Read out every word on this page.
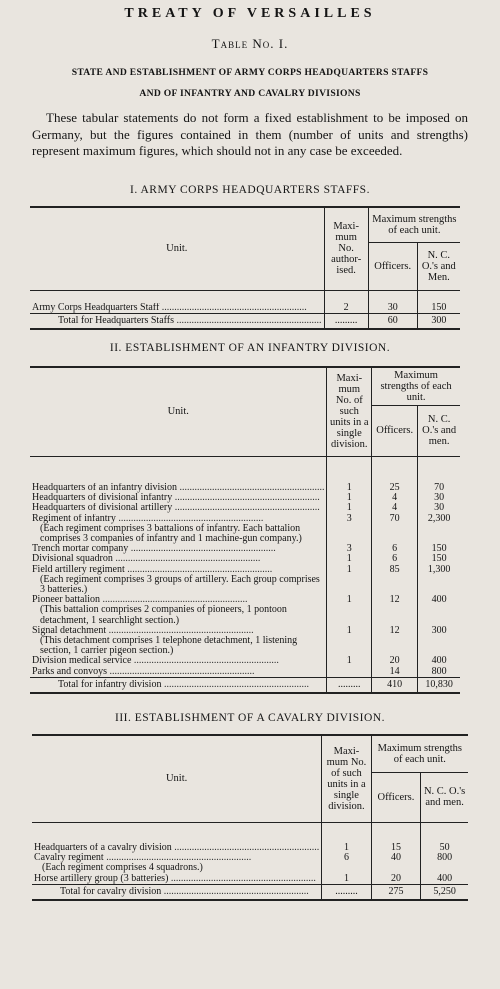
TREATY OF VERSAILLES
Table No. I.
STATE AND ESTABLISHMENT OF ARMY CORPS HEADQUARTERS STAFFS
AND OF INFANTRY AND CAVALRY DIVISIONS

These tabular statements do not form a fixed establishment to be imposed on Germany, but the figures contained in them (number of units and strengths) represent maximum figures, which should not in any case be exceeded.

I. ARMY CORPS HEADQUARTERS STAFFS.
Unit.	Maxi-mum No. author-ised.	Maximum strengths of each unit.	
		Officers.	N. C. O.'s and Men.

Army Corps Headquarters Staff ..........................................................	2	30	150
Total for Headquarters Staffs ..........................................................	.........	60	300
II. ESTABLISHMENT OF AN INFANTRY DIVISION.
Unit.	Maxi-mum No. of such units in a single division.	Maximum strengths of each unit.	
		Officers.	N. C. O.'s and men.

Headquarters of an infantry division ..........................................................	1	25	70
Headquarters of divisional infantry ..........................................................	1	4	30
Headquarters of divisional artillery ..........................................................	1	4	30
Regiment of infantry ..........................................................	3	70	2,300
(Each regiment comprises 3 battalions of infantry. Each battalion comprises 3 companies of infantry and 1 machine-gun company.)			
Trench mortar company ..........................................................	3	6	150
Divisional squadron ..........................................................	1	6	150
Field artillery regiment ..........................................................	1	85	1,300
(Each regiment comprises 3 groups of artillery. Each group comprises 3 batteries.)			
Pioneer battalion ..........................................................	1	12	400
(This battalion comprises 2 companies of pioneers, 1 pontoon detachment, 1 searchlight section.)			
Signal detachment ..........................................................	1	12	300
(This detachment comprises 1 telephone detachment, 1 listening section, 1 carrier pigeon section.)			
Division medical service ..........................................................	1	20	400
Parks and convoys ..........................................................		14	800
Total for infantry division ..........................................................	.........	410	10,830
III. ESTABLISHMENT OF A CAVALRY DIVISION.
Unit.	Maxi-mum No. of such units in a single division.	Maximum strengths of each unit.	
		Officers.	N. C. O.'s and men.

Headquarters of a cavalry division ..........................................................	1	15	50
Cavalry regiment ..........................................................	6	40	800
(Each regiment comprises 4 squadrons.)			
Horse artillery group (3 batteries) ..........................................................	1	20	400
Total for cavalry division ..........................................................	.........	275	5,250
